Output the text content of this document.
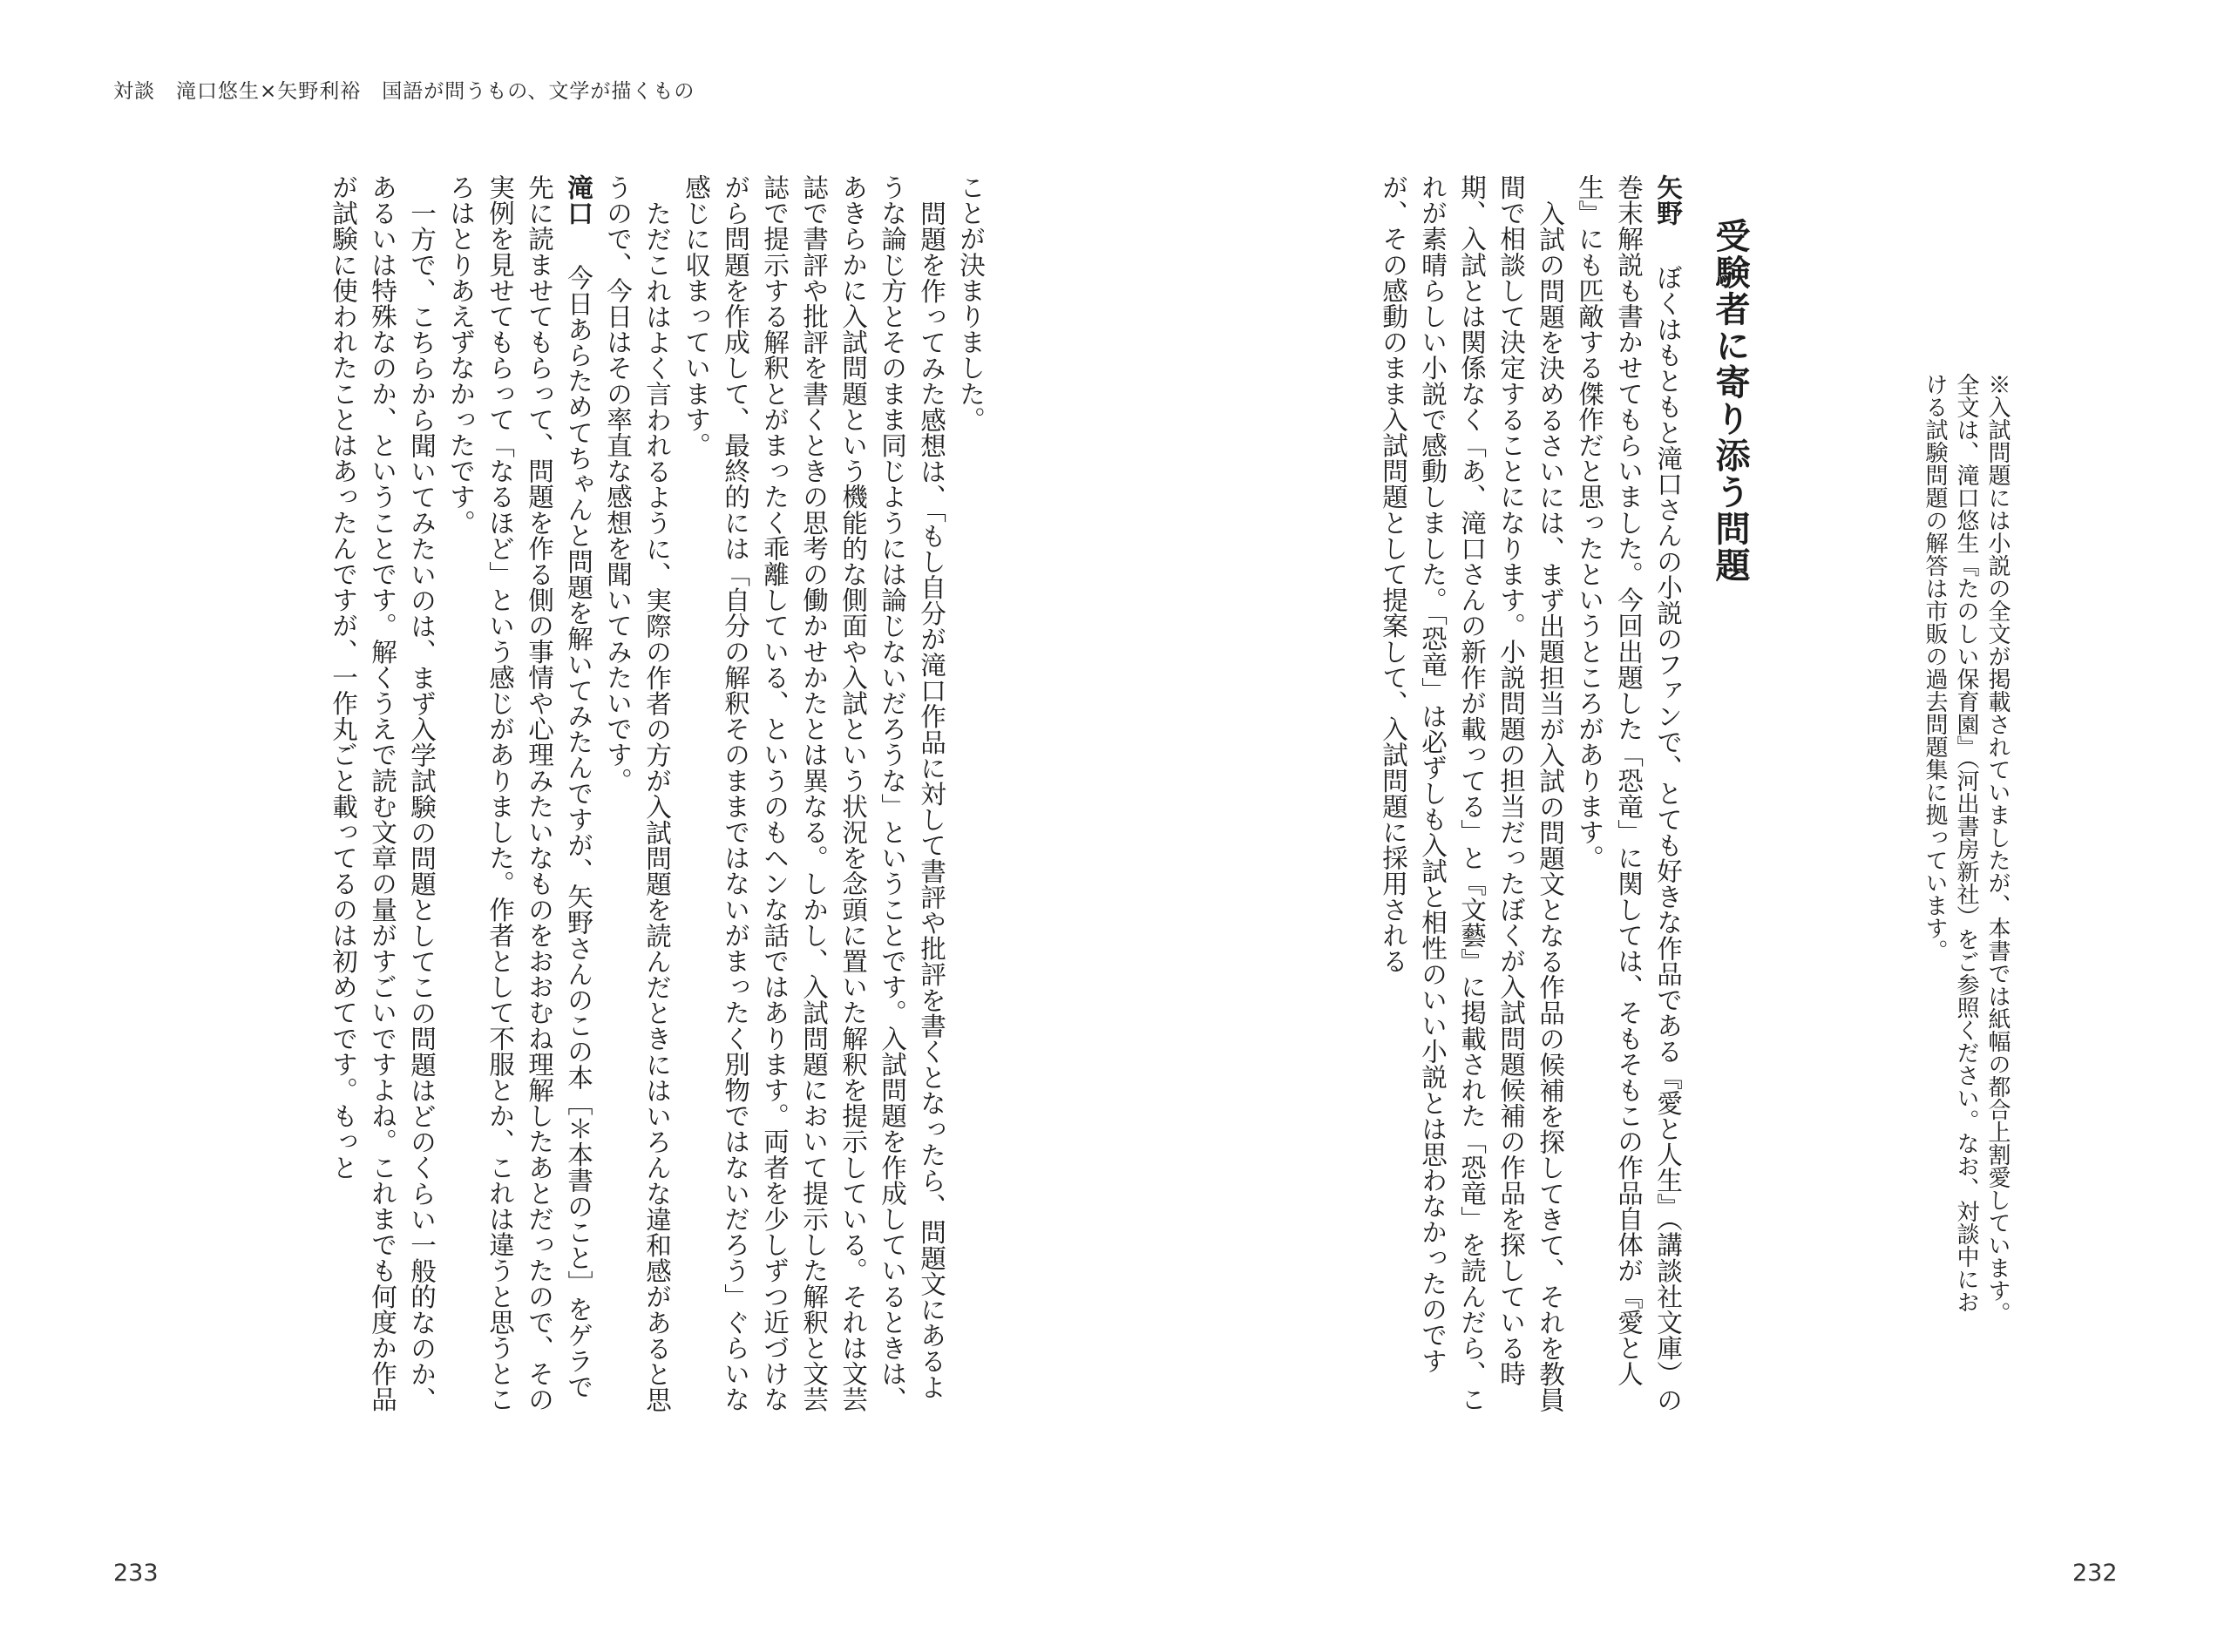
対談　滝口悠生×矢野利裕　国語が問うもの、文学が描くもの

ことが決まりました。

問題を作ってみた感想は、「もし自分が滝口作品に対して書評や批評を書くとなったら、問題文にあるような論じ方とそのまま同じようには論じないだろうな」ということです。入試問題を作成しているときは、あきらかに入試問題という機能的な側面や入試という状況を念頭に置いた解釈を提示している。それは文芸誌で書評や批評を書くときの思考の働かせかたとは異なる。しかし、入試問題において提示した解釈と文芸誌で提示する解釈とがまったく乖離している、というのもヘンな話ではあります。両者を少しずつ近づけながら問題を作成して、最終的には「自分の解釈そのままではないがまったく別物ではないだろう」ぐらいな感じに収まっています。

ただこれはよく言われるように、実際の作者の方が入試問題を読んだときにはいろんな違和感があると思うので、今日はその率直な感想を聞いてみたいです。

滝口　今日あらためてちゃんと問題を解いてみたんですが、矢野さんのこの本［＊本書のこと］をゲラで先に読ませてもらって、問題を作る側の事情や心理みたいなものをおおむね理解したあとだったので、その実例を見せてもらって「なるほど」という感じがありました。作者として不服とか、これは違うと思うところはとりあえずなかったです。

一方で、こちらから聞いてみたいのは、まず入学試験の問題としてこの問題はどのくらい一般的なのか、あるいは特殊なのか、ということです。解くうえで読む文章の量がすごいですよね。これまでも何度か作品が試験に使われたことはあったんですが、一作丸ごと載ってるのは初めてです。もっと

233	232
※入試問題には小説の全文が掲載されていましたが、本書では紙幅の都合上割愛しています。全文は、滝口悠生『たのしい保育園』（河出書房新社）をご参照ください。なお、対談中における試験問題の解答は市販の過去問題集に拠っています。
受験者に寄り添う問題

矢野　ぼくはもともと滝口さんの小説のファンで、とても好きな作品である『愛と人生』（講談社文庫）の巻末解説も書かせてもらいました。今回出題した「恐竜」に関しては、そもそもこの作品自体が『愛と人生』にも匹敵する傑作だと思ったというところがあります。

入試の問題を決めるさいには、まず出題担当が入試の問題文となる作品の候補を探してきて、それを教員間で相談して決定することになります。小説問題の担当だったぼくが入試問題候補の作品を探している時期、入試とは関係なく「あ、滝口さんの新作が載ってる」と『文藝』に掲載された「恐竜」を読んだら、これが素晴らしい小説で感動しました。「恐竜」は必ずしも入試と相性のいい小説とは思わなかったのですが、その感動のまま入試問題として提案して、入試問題に採用される
